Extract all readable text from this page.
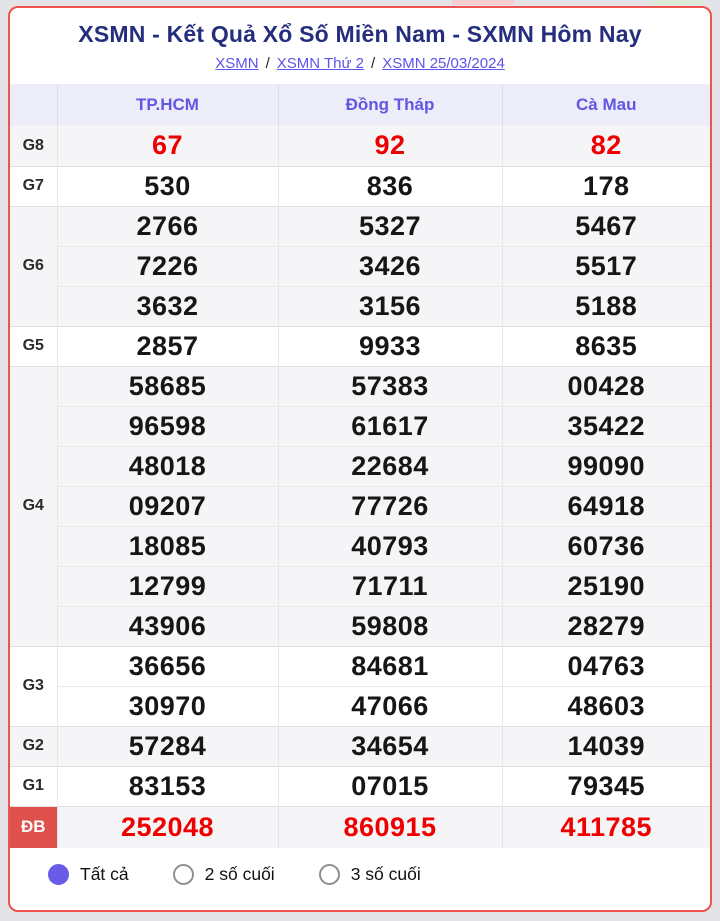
XSMN - Kết Quả Xổ Số Miền Nam - SXMN Hôm Nay
XSMN / XSMN Thứ 2 / XSMN 25/03/2024
	TP.HCM	Đồng Tháp	Cà Mau
G8	67	92	82
G7	530	836	178
G6	2766	5327	5467
	7226	3426	5517
	3632	3156	5188
G5	2857	9933	8635
G4	58685	57383	00428
	96598	61617	35422
	48018	22684	99090
	09207	77726	64918
	18085	40793	60736
	12799	71711	25190
	43906	59808	28279
G3	36656	84681	04763
	30970	47066	48603
G2	57284	34654	14039
G1	83153	07015	79345
ĐB	252048	860915	411785
Tất cả	2 số cuối	3 số cuối
